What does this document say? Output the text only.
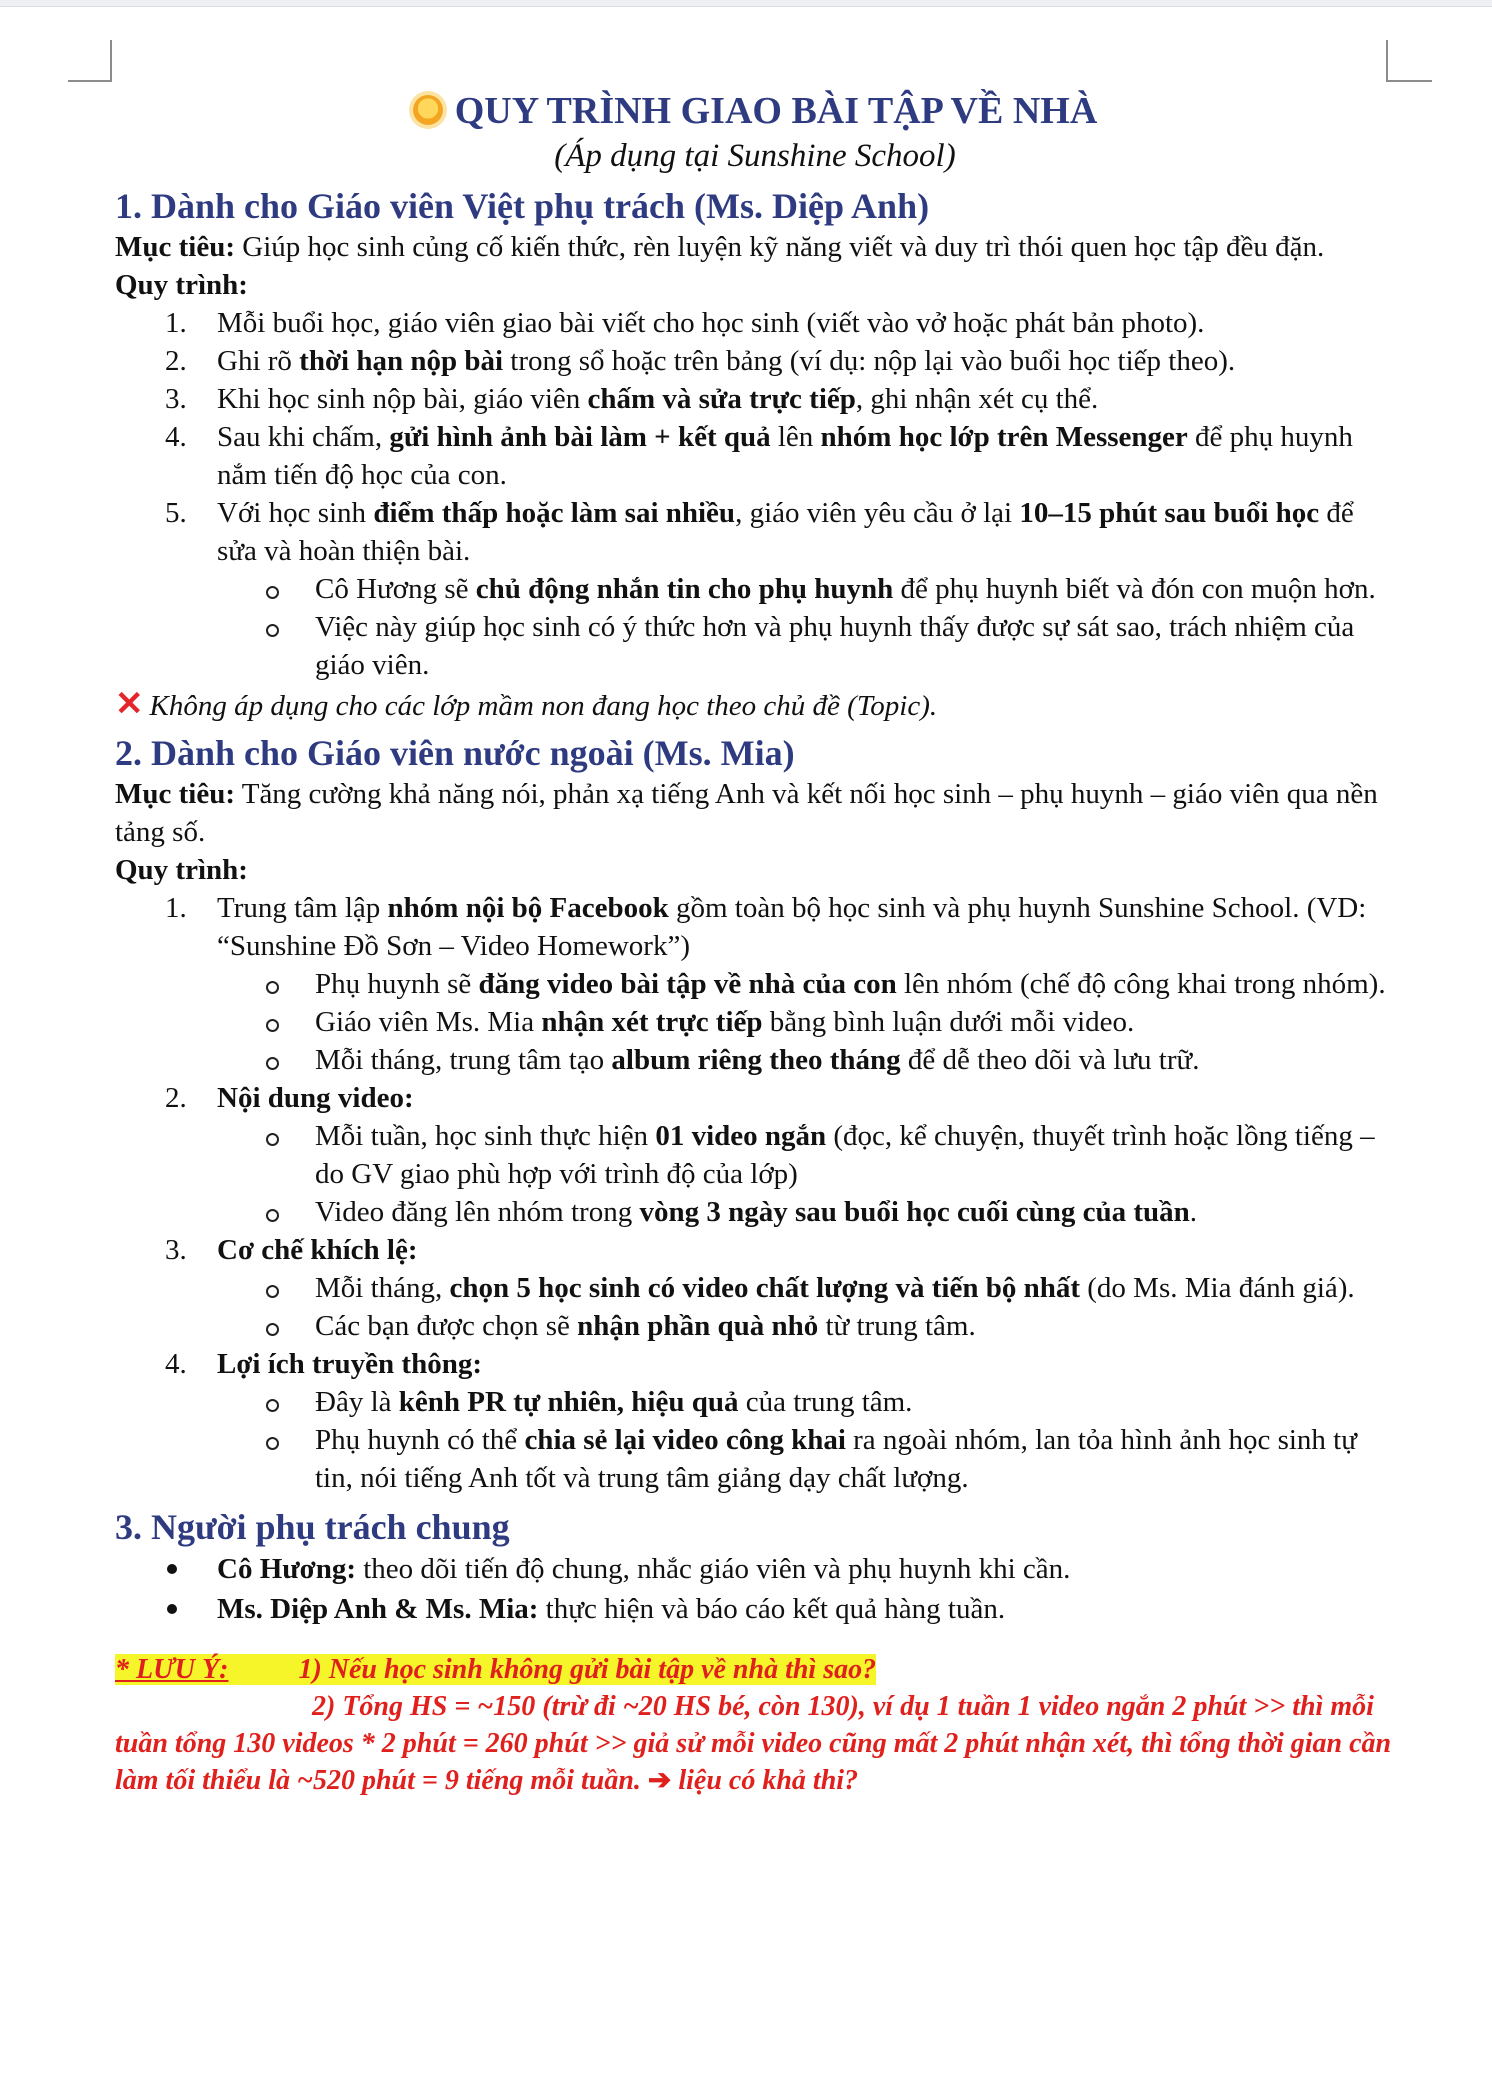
QUY TRÌNH GIAO BÀI TẬP VỀ NHÀ
(Áp dụng tại Sunshine School)
1. Dành cho Giáo viên Việt phụ trách (Ms. Diệp Anh)

Mục tiêu: Giúp học sinh củng cố kiến thức, rèn luyện kỹ năng viết và duy trì thói quen học tập đều đặn.

Quy trình:

1. Mỗi buổi học, giáo viên giao bài viết cho học sinh (viết vào vở hoặc phát bản photo).
2. Ghi rõ thời hạn nộp bài trong sổ hoặc trên bảng (ví dụ: nộp lại vào buổi học tiếp theo).
3. Khi học sinh nộp bài, giáo viên chấm và sửa trực tiếp, ghi nhận xét cụ thể.
4. Sau khi chấm, gửi hình ảnh bài làm + kết quả lên nhóm học lớp trên Messenger để phụ huynh nắm tiến độ học của con.
5. Với học sinh điểm thấp hoặc làm sai nhiều, giáo viên yêu cầu ở lại 10–15 phút sau buổi học để sửa và hoàn thiện bài.
Cô Hương sẽ chủ động nhắn tin cho phụ huynh để phụ huynh biết và đón con muộn hơn.
Việc này giúp học sinh có ý thức hơn và phụ huynh thấy được sự sát sao, trách nhiệm của giáo viên.
✕ Không áp dụng cho các lớp mầm non đang học theo chủ đề (Topic).
2. Dành cho Giáo viên nước ngoài (Ms. Mia)

Mục tiêu: Tăng cường khả năng nói, phản xạ tiếng Anh và kết nối học sinh – phụ huynh – giáo viên qua nền tảng số.

Quy trình:

1. Trung tâm lập nhóm nội bộ Facebook gồm toàn bộ học sinh và phụ huynh Sunshine School. (VD: “Sunshine Đồ Sơn – Video Homework”)
Phụ huynh sẽ đăng video bài tập về nhà của con lên nhóm (chế độ công khai trong nhóm).
Giáo viên Ms. Mia nhận xét trực tiếp bằng bình luận dưới mỗi video.
Mỗi tháng, trung tâm tạo album riêng theo tháng để dễ theo dõi và lưu trữ.
2. Nội dung video:
Mỗi tuần, học sinh thực hiện 01 video ngắn (đọc, kể chuyện, thuyết trình hoặc lồng tiếng – do GV giao phù hợp với trình độ của lớp)
Video đăng lên nhóm trong vòng 3 ngày sau buổi học cuối cùng của tuần.
3. Cơ chế khích lệ:
Mỗi tháng, chọn 5 học sinh có video chất lượng và tiến bộ nhất (do Ms. Mia đánh giá).
Các bạn được chọn sẽ nhận phần quà nhỏ từ trung tâm.
4. Lợi ích truyền thông:
Đây là kênh PR tự nhiên, hiệu quả của trung tâm.
Phụ huynh có thể chia sẻ lại video công khai ra ngoài nhóm, lan tỏa hình ảnh học sinh tự tin, nói tiếng Anh tốt và trung tâm giảng dạy chất lượng.
3. Người phụ trách chung
Cô Hương: theo dõi tiến độ chung, nhắc giáo viên và phụ huynh khi cần.
Ms. Diệp Anh & Ms. Mia: thực hiện và báo cáo kết quả hàng tuần.
* LƯU Ý:	1) Nếu học sinh không gửi bài tập về nhà thì sao?
2) Tổng HS = ~150 (trừ đi ~20 HS bé, còn 130), ví dụ 1 tuần 1 video ngắn 2 phút >> thì mỗi tuần tổng 130 videos * 2 phút = 260 phút >> giả sử mỗi video cũng mất 2 phút nhận xét, thì tổng thời gian cần làm tối thiểu là ~520 phút = 9 tiếng mỗi tuần. ➔ liệu có khả thi?
